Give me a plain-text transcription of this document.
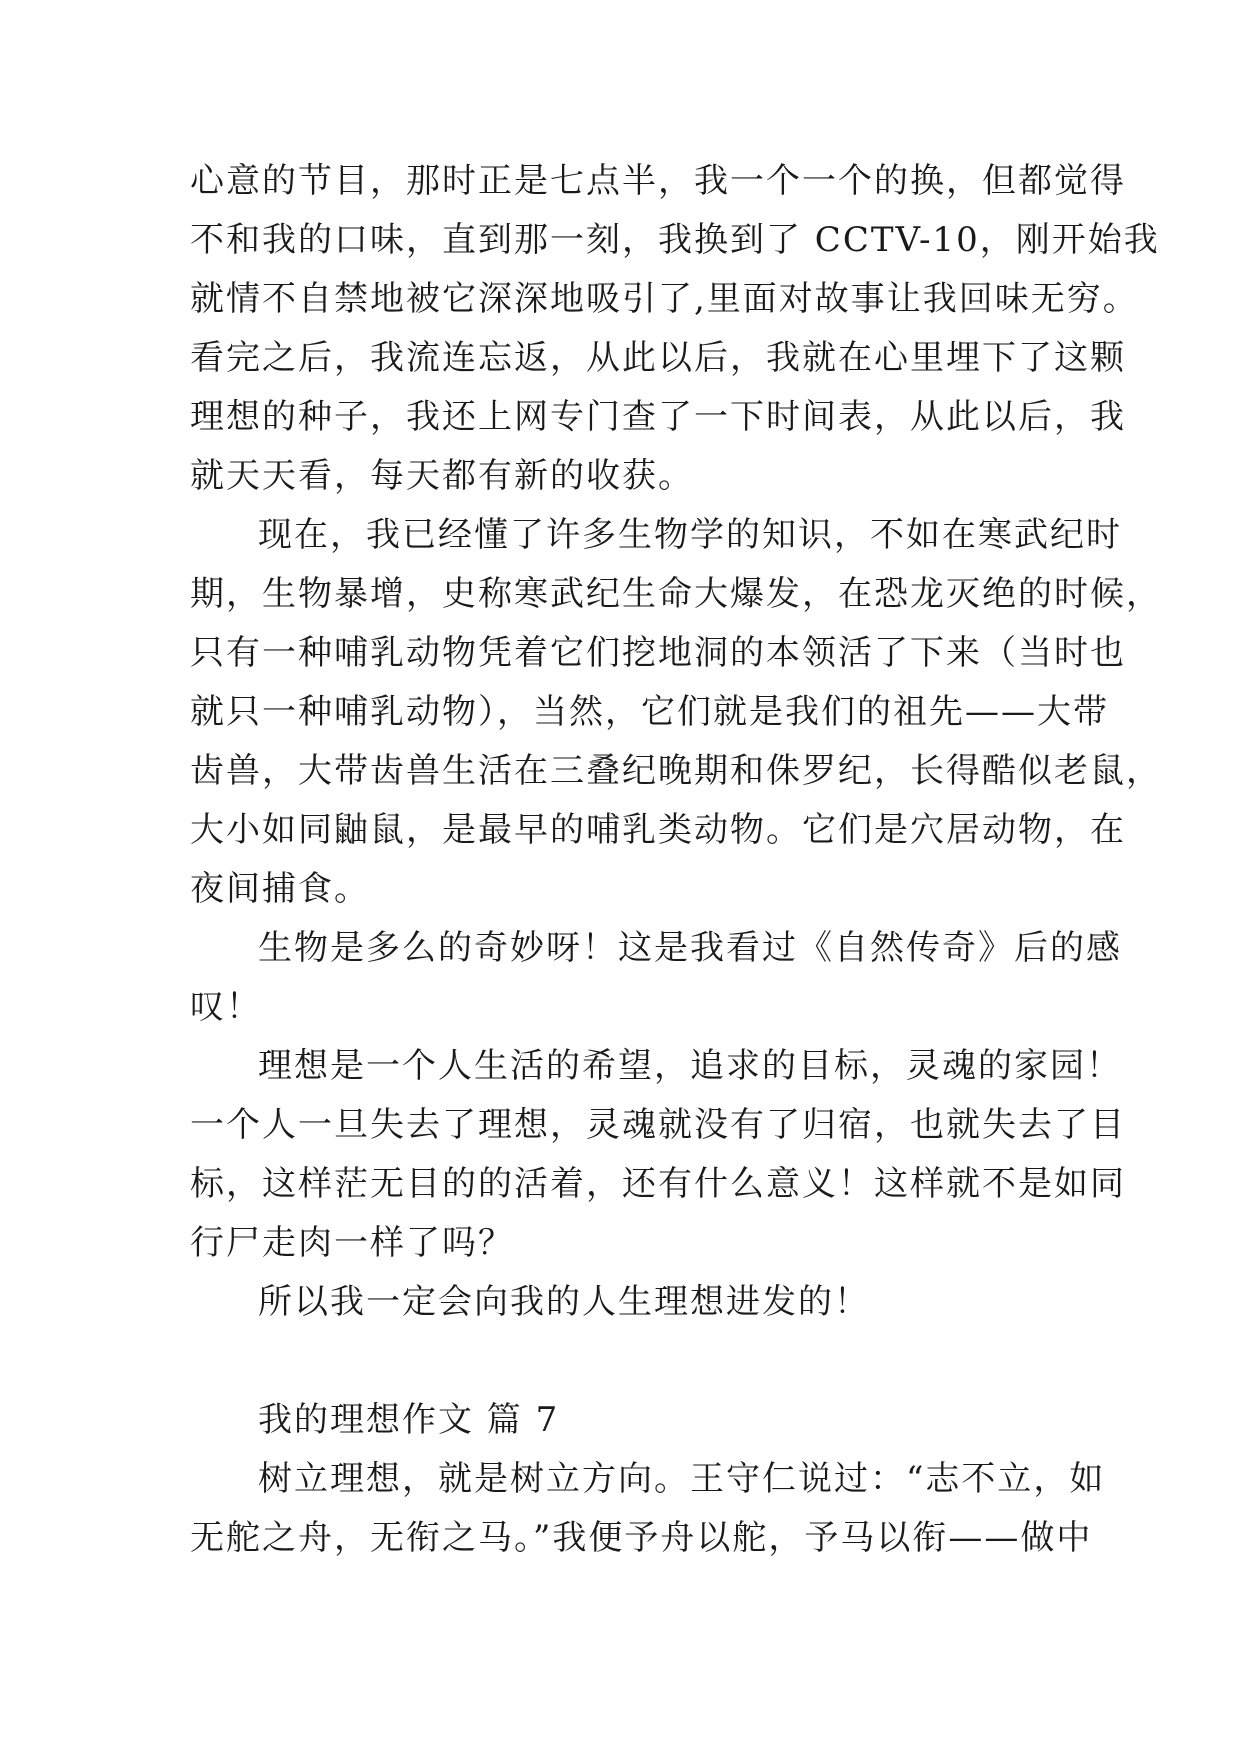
心意的节目，那时正是七点半，我一个一个的换，但都觉得
不和我的口味，直到那一刻，我换到了 CCTV-10，刚开始我
就情不自禁地被它深深地吸引了,里面对故事让我回味无穷。
看完之后，我流连忘返，从此以后，我就在心里埋下了这颗
理想的种子，我还上网专门查了一下时间表，从此以后，我
就天天看，每天都有新的收获。
现在，我已经懂了许多生物学的知识，不如在寒武纪时
期，生物暴增，史称寒武纪生命大爆发，在恐龙灭绝的时候，
只有一种哺乳动物凭着它们挖地洞的本领活了下来（当时也
就只一种哺乳动物），当然，它们就是我们的祖先——大带
齿兽，大带齿兽生活在三叠纪晚期和侏罗纪，长得酷似老鼠，
大小如同鼬鼠，是最早的哺乳类动物。它们是穴居动物，在
夜间捕食。
生物是多么的奇妙呀！这是我看过《自然传奇》后的感
叹！
理想是一个人生活的希望，追求的目标，灵魂的家园！
一个人一旦失去了理想，灵魂就没有了归宿，也就失去了目
标，这样茫无目的的活着，还有什么意义！这样就不是如同
行尸走肉一样了吗？
所以我一定会向我的人生理想进发的！
我的理想作文 篇 7
树立理想，就是树立方向。王守仁说过：“志不立，如
无舵之舟，无衔之马。”我便予舟以舵，予马以衔——做中
